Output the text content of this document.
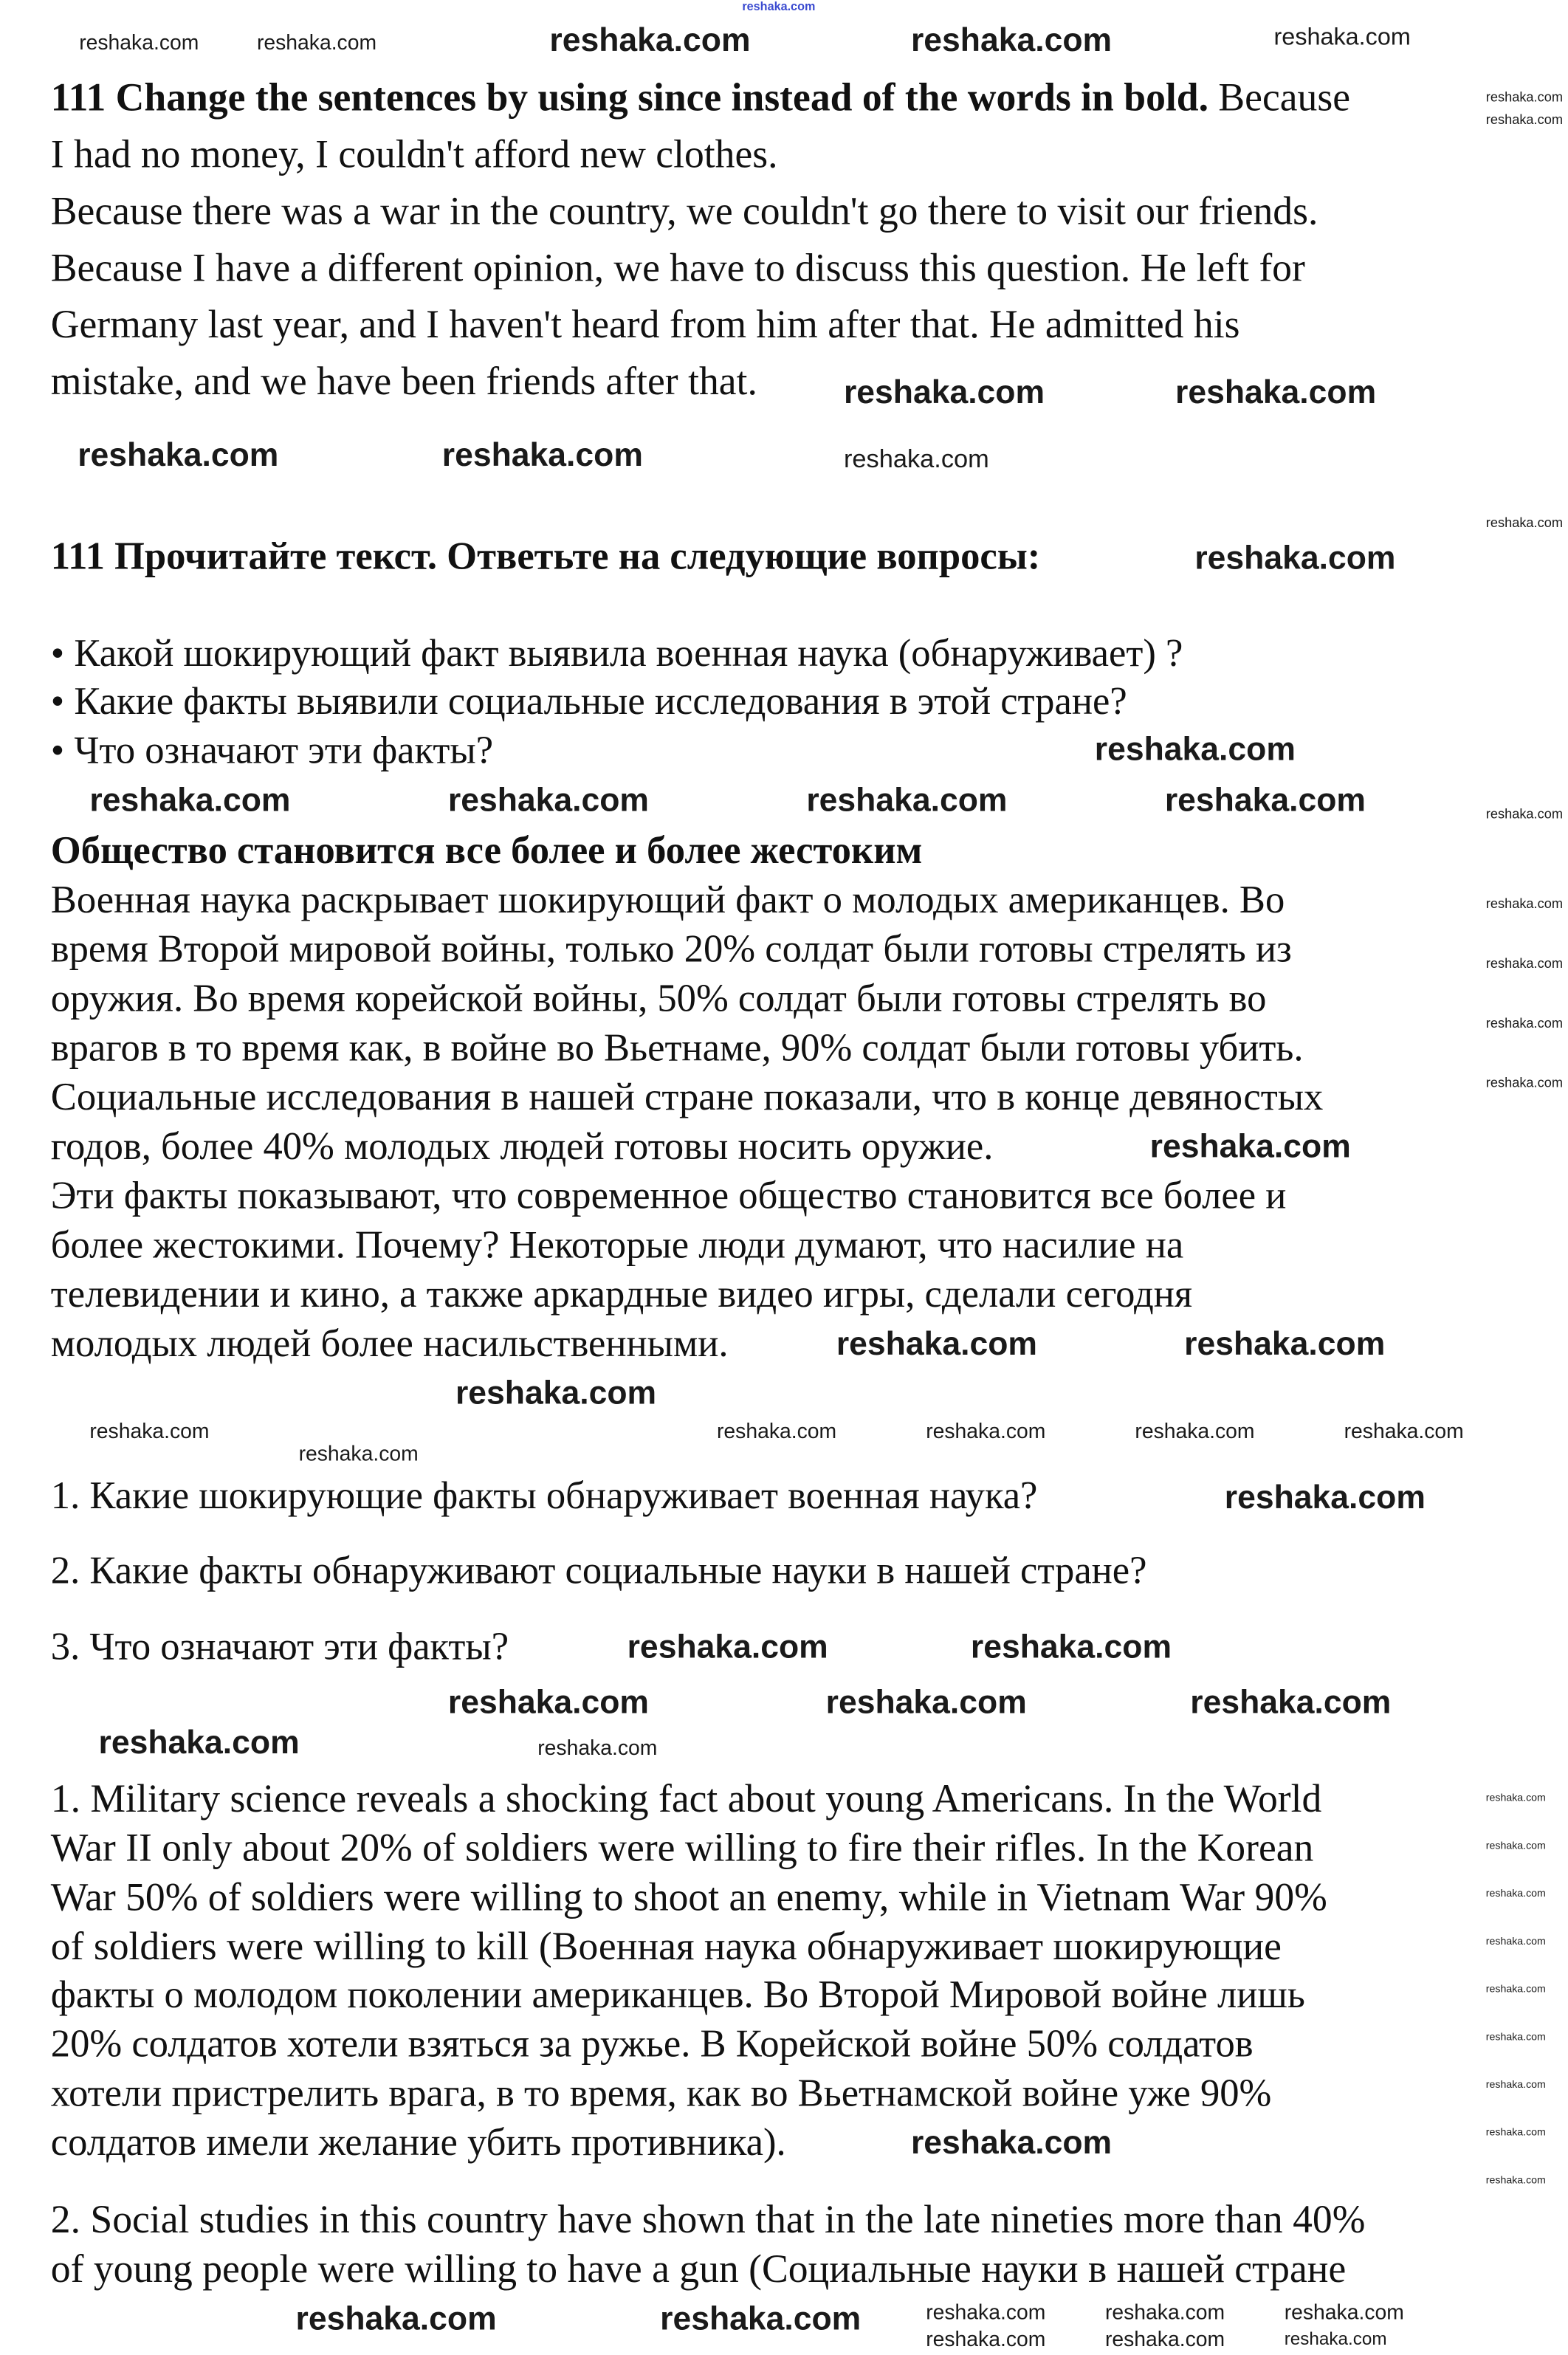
reshaka.com
111 Change the sentences by using since instead of the words in bold. Because
I had no money, I couldn't afford new clothes.
Because there was a war in the country, we couldn't go there to visit our friends.
Because I have a different opinion, we have to discuss this question. He left for
Germany last year, and I haven't heard from him after that. He admitted his
mistake, and we have been friends after that.
111 Прочитайте текст. Ответьте на следующие вопросы:
• Какой шокирующий факт выявила военная наука (обнаруживает) ?
• Какие факты выявили социальные исследования в этой стране?
• Что означают эти факты?
Общество становится все более и более жестоким
Военная наука раскрывает шокирующий факт о молодых американцев. Во
время Второй мировой войны, только 20% солдат были готовы стрелять из
оружия. Во время корейской войны, 50% солдат были готовы стрелять во
врагов в то время как, в войне во Вьетнаме, 90% солдат были готовы убить.
Социальные исследования в нашей стране показали, что в конце девяностых
годов, более 40% молодых людей готовы носить оружие.
Эти факты показывают, что современное общество становится все более и
более жестокими. Почему? Некоторые люди думают, что насилие на
телевидении и кино, а также аркардные видео игры, сделали сегодня
молодых людей более насильственными.
1. Какие шокирующие факты обнаруживает военная наука?
2. Какие факты обнаруживают социальные науки в нашей стране?
3. Что означают эти факты?
1. Military science reveals a shocking fact about young Americans. In the World
War II only about 20% of soldiers were willing to fire their rifles. In the Korean
War 50% of soldiers were willing to shoot an enemy, while in Vietnam War 90%
of soldiers were willing to kill (Военная наука обнаруживает шокирующие
факты о молодом поколении американцев. Во Второй Мировой войне лишь
20% солдатов хотели взяться за ружье. В Корейской войне 50% солдатов
хотели пристрелить врага, в то время, как во Вьетнамской войне уже 90%
солдатов имели желание убить противника).
2. Social studies in this country have shown that in the late nineties more than 40%
of young people were willing to have a gun (Социальные науки в нашей стране
reshaka.com	reshaka.com	reshaka.com	reshaka.com	reshaka.com
reshaka.com
reshaka.com
reshaka.com	reshaka.com
reshaka.com
reshaka.com	reshaka.com
reshaka.com
reshaka.com
reshaka.com
reshaka.com	reshaka.com	reshaka.com	reshaka.com	reshaka.com
reshaka.com
reshaka.com
reshaka.com
reshaka.com
reshaka.com
reshaka.com	reshaka.com
reshaka.com
reshaka.com
reshaka.com
reshaka.com	reshaka.com	reshaka.com	reshaka.com
reshaka.com
reshaka.com	reshaka.com
reshaka.com	reshaka.com	reshaka.com
reshaka.com	reshaka.com
reshaka.com
reshaka.com
reshaka.com
reshaka.com
reshaka.com
reshaka.com
reshaka.com
reshaka.com
reshaka.com
reshaka.com
reshaka.com	reshaka.com	reshaka.com	reshaka.com	reshaka.com
reshaka.com	reshaka.com	reshaka.com
